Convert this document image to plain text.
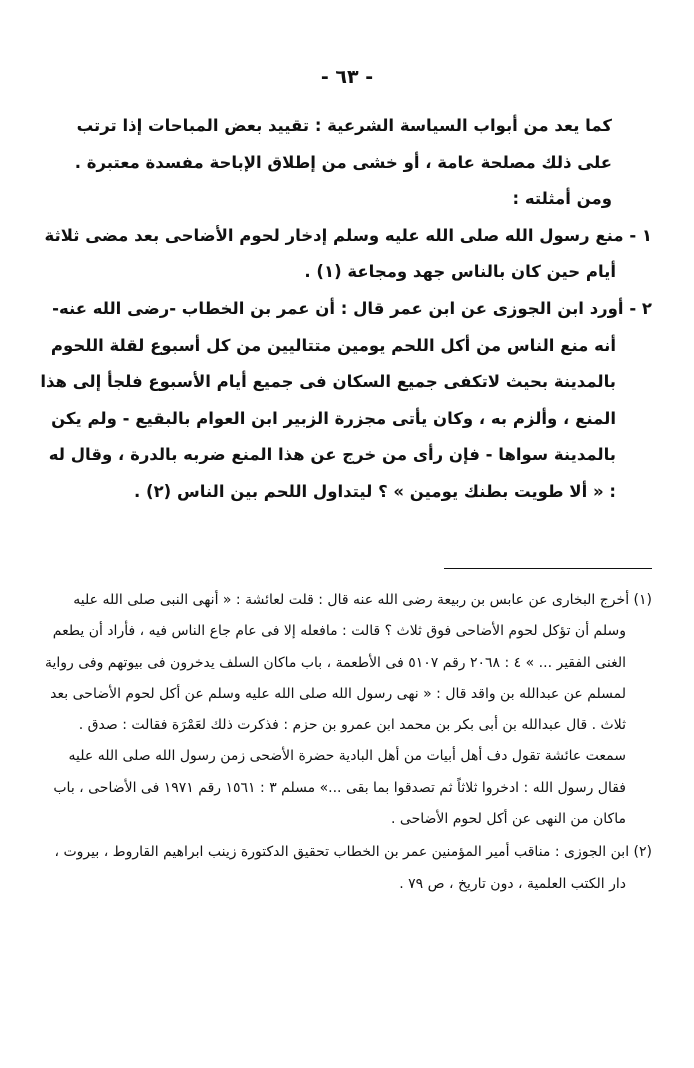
- ٦٣ -

كما يعد من أبواب السياسة الشرعية : تقييد بعض المباحات إذا ترتب على ذلك مصلحة عامة ، أو خشى من إطلاق الإباحة مفسدة معتبرة .

ومن أمثلته :

١ - منع رسول الله صلى الله عليه وسلم إدخار لحوم الأضاحى بعد مضى ثلاثة أيام حين كان بالناس جهد ومجاعة (١) .

٢ - أورد ابن الجوزى عن ابن عمر قال : أن عمر بن الخطاب -رضى الله عنه- أنه منع الناس من أكل اللحم يومين متتاليين من كل أسبوع لقلة اللحوم بالمدينة بحيث لاتكفى جميع السكان فى جميع أيام الأسبوع فلجأ إلى هذا المنع ، وألزم به ، وكان يأتى مجزرة الزبير ابن العوام بالبقيع - ولم يكن بالمدينة سواها - فإن رأى من خرج عن هذا المنع ضربه بالدرة ، وقال له : « ألا طويت بطنك يومين » ؟ ليتداول اللحم بين الناس (٢) .

(١) أخرج البخارى عن عابس بن ربيعة رضى الله عنه قال : قلت لعائشة : « أنهى النبى صلى الله عليه وسلم أن تؤكل لحوم الأضاحى فوق ثلاث ؟ قالت : مافعله إلا فى عام جاع الناس فيه ، فأراد أن يطعم الغنى الفقير ... » ٤ : ٢٠٦٨ رقم ٥١٠٧ فى الأطعمة ، باب ماكان السلف يدخرون فى بيوتهم وفى رواية لمسلم عن عبدالله بن واقد قال : « نهى رسول الله صلى الله عليه وسلم عن أكل لحوم الأضاحى بعد ثلاث . قال عبدالله بن أبى بكر بن محمد ابن عمرو بن حزم : فذكرت ذلك لعَمْرَة فقالت : صدق . سمعت عائشة تقول دف أهل أبيات من أهل البادية حضرة الأضحى زمن رسول الله صلى الله عليه فقال رسول الله : ادخروا ثلاثاً ثم تصدقوا بما بقى ...» مسلم ٣ : ١٥٦١ رقم ١٩٧١ فى الأضاحى ، باب ماكان من النهى عن أكل لحوم الأضاحى .

(٢) ابن الجوزى : مناقب أمير المؤمنين عمر بن الخطاب تحقيق الدكتورة زينب ابراهيم القاروط ، بيروت ، دار الكتب العلمية ، دون تاريخ ، ص ٧٩ .
